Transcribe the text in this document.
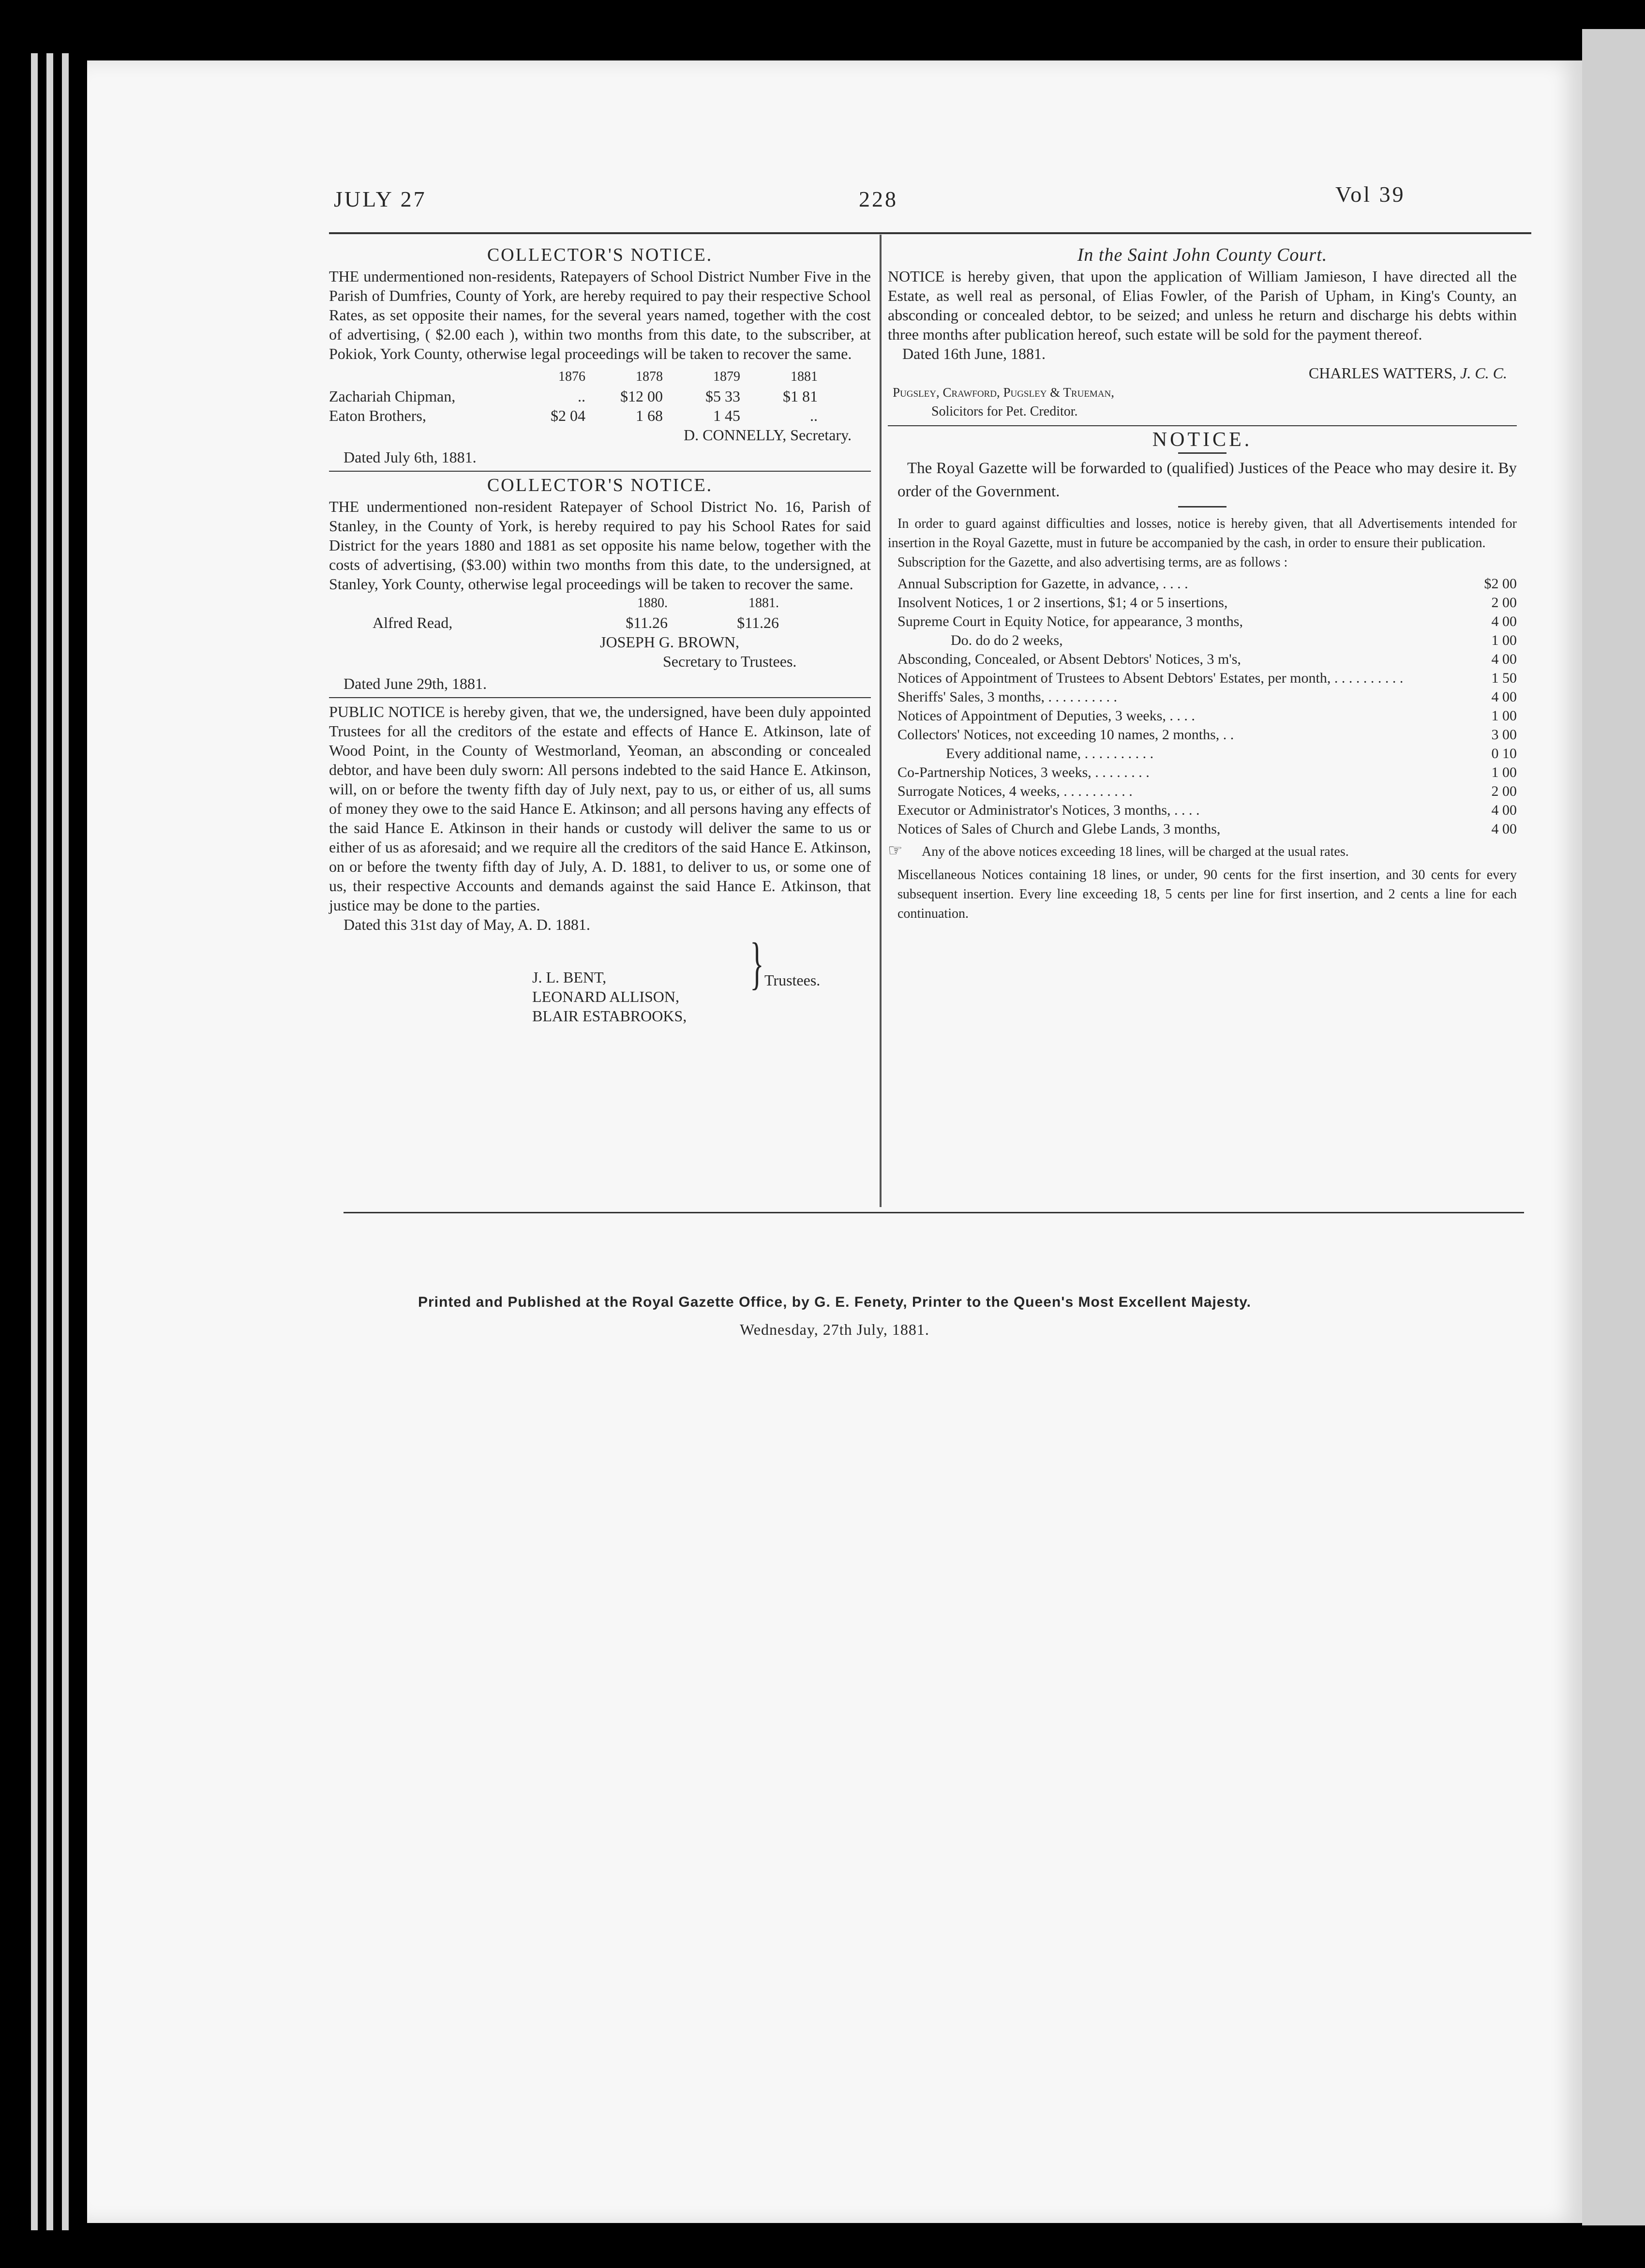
JULY 27	228	Vol 39
COLLECTOR'S NOTICE.
THE undermentioned non-residents, Ratepayers of School District Number Five in the Parish of Dumfries, County of York, are hereby required to pay their respective School Rates, as set opposite their names, for the several years named, together with the cost of advertising, ( $2.00 each ), within two months from this date, to the subscriber, at Pokiok, York County, otherwise legal proceedings will be taken to recover the same.
1876	1878	1879	1881
Zachariah Chipman,	..	$12 00	$5 33	$1 81
Eaton Brothers,	$2 04	1 68	1 45	..
D. CONNELLY, Secretary.
Dated July 6th, 1881.
COLLECTOR'S NOTICE.
THE undermentioned non-resident Ratepayer of School District No. 16, Parish of Stanley, in the County of York, is hereby required to pay his School Rates for said District for the years 1880 and 1881 as set opposite his name below, together with the costs of advertising, ($3.00) within two months from this date, to the undersigned, at Stanley, York County, otherwise legal proceedings will be taken to recover the same.
1880.	1881.
Alfred Read,	$11.26	$11.26
JOSEPH G. BROWN,
Secretary to Trustees.
Dated June 29th, 1881.
PUBLIC NOTICE is hereby given, that we, the undersigned, have been duly appointed Trustees for all the creditors of the estate and effects of Hance E. Atkinson, late of Wood Point, in the County of Westmorland, Yeoman, an absconding or concealed debtor, and have been duly sworn: All persons indebted to the said Hance E. Atkinson, will, on or before the twenty fifth day of July next, pay to us, or either of us, all sums of money they owe to the said Hance E. Atkinson; and all persons having any effects of the said Hance E. Atkinson in their hands or custody will deliver the same to us or either of us as aforesaid; and we require all the creditors of the said Hance E. Atkinson, on or before the twenty fifth day of July, A. D. 1881, to deliver to us, or some one of us, their respective Accounts and demands against the said Hance E. Atkinson, that justice may be done to the parties.
Dated this 31st day of May, A. D. 1881.
J. L. BENT,
LEONARD ALLISON,
BLAIR ESTABROOKS,
} Trustees.
In the Saint John County Court.
NOTICE is hereby given, that upon the application of William Jamieson, I have directed all the Estate, as well real as personal, of Elias Fowler, of the Parish of Upham, in King's County, an absconding or concealed debtor, to be seized; and unless he return and discharge his debts within three months after publication hereof, such estate will be sold for the payment thereof.
Dated 16th June, 1881.
CHARLES WATTERS, J. C. C.
Pugsley, Crawford, Pugsley & Trueman,
Solicitors for Pet. Creditor.
NOTICE.
The Royal Gazette will be forwarded to (qualified) Justices of the Peace who may desire it. By order of the Government.
In order to guard against difficulties and losses, notice is hereby given, that all Advertisements intended for insertion in the Royal Gazette, must in future be accompanied by the cash, in order to ensure their publication.
Subscription for the Gazette, and also advertising terms, are as follows :
Annual Subscription for Gazette, in advance, . . . .	$2 00
Insolvent Notices, 1 or 2 insertions, $1; 4 or 5 insertions,	2 00
Supreme Court in Equity Notice, for appearance, 3 months,	4 00
Do. do do 2 weeks,	1 00
Absconding, Concealed, or Absent Debtors' Notices, 3 m's,	4 00
Notices of Appointment of Trustees to Absent Debtors' Estates, per month, . . . . . . . . . .	1 50
Sheriffs' Sales, 3 months, . . . . . . . . . .	4 00
Notices of Appointment of Deputies, 3 weeks, . . . .	1 00
Collectors' Notices, not exceeding 10 names, 2 months, . .	3 00
Every additional name, . . . . . . . . . .	0 10
Co-Partnership Notices, 3 weeks, . . . . . . . .	1 00
Surrogate Notices, 4 weeks, . . . . . . . . . .	2 00
Executor or Administrator's Notices, 3 months, . . . .	4 00
Notices of Sales of Church and Glebe Lands, 3 months,	4 00
☞	Any of the above notices exceeding 18 lines, will be charged at the usual rates.
Miscellaneous Notices containing 18 lines, or under, 90 cents for the first insertion, and 30 cents for every subsequent insertion. Every line exceeding 18, 5 cents per line for first insertion, and 2 cents a line for each continuation.
Printed and Published at the Royal Gazette Office, by G. E. Fenety, Printer to the Queen's Most Excellent Majesty.
Wednesday, 27th July, 1881.
